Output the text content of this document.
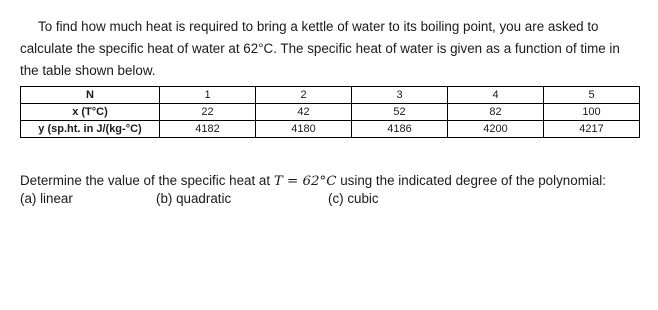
To find how much heat is required to bring a kettle of water to its boiling point, you are asked to calculate the specific heat of water at 62°C. The specific heat of water is given as a function of time in the table shown below.

N	1	2	3	4	5
x (T°C)	22	42	52	82	100
y (sp.ht. in J/(kg-°C)	4182	4180	4186	4200	4217

Determine the value of the specific heat at T = 62°C using the indicated degree of the polynomial:

(a) linear	(b) quadratic	(c) cubic
